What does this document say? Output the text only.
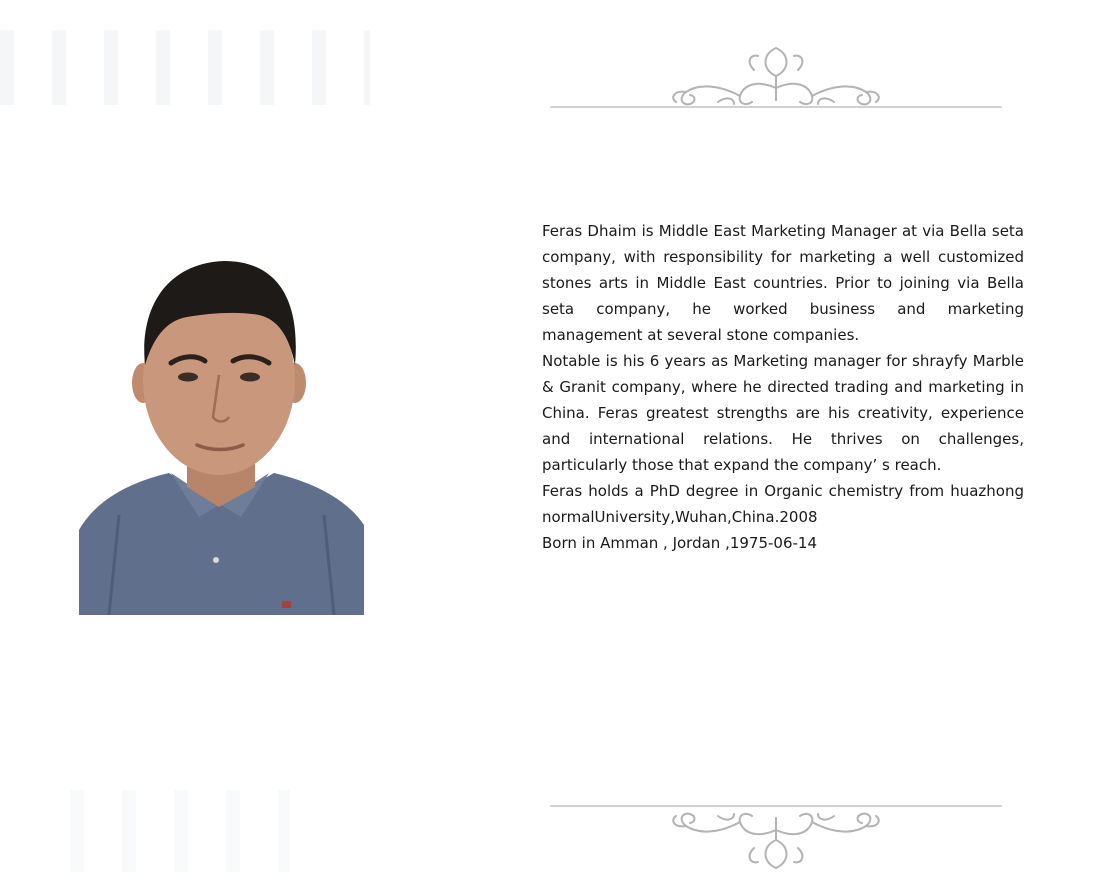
Feras Dhaim is Middle East Marketing Manager at via Bella seta company, with responsibility for marketing a well customized stones arts in Middle East countries. Prior to joining via Bella seta company, he worked business and marketing management at several stone companies.

Notable is his 6 years as Marketing manager for shrayfy Marble & Granit company, where he directed trading and marketing in China. Feras greatest strengths are his creativity, experience and international relations. He thrives on challenges, particularly those that expand the company’ s reach.

Feras holds a PhD degree in Organic chemistry from huazhong normalUniversity,Wuhan,China.2008

Born in Amman , Jordan ,1975-06-14
